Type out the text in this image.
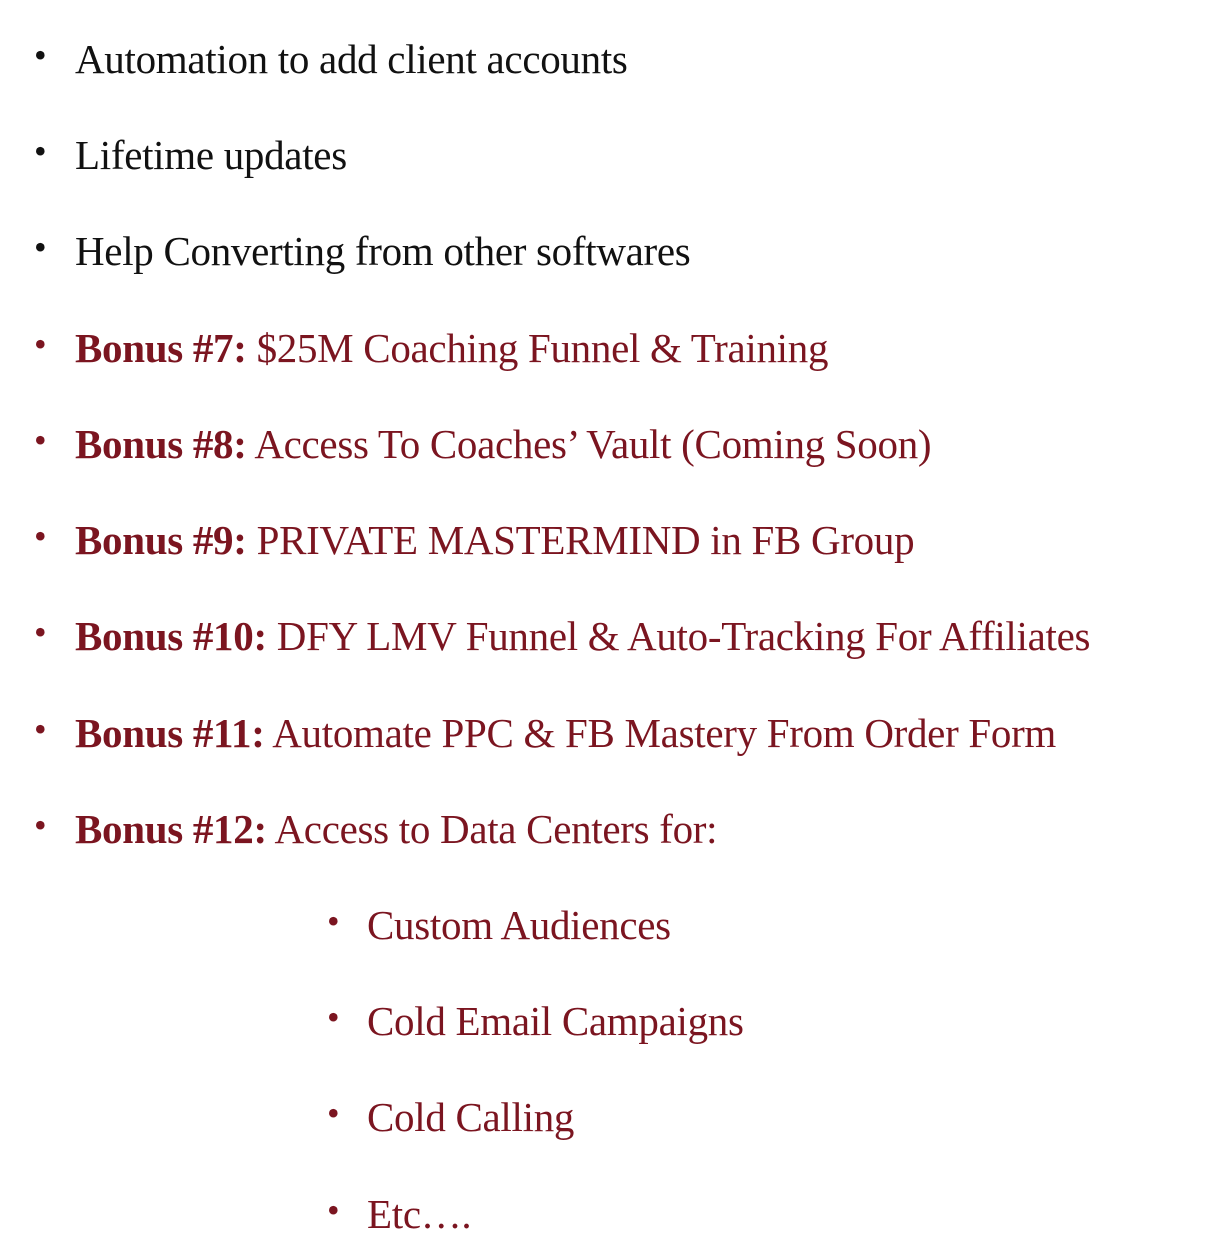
• Automation to add client accounts
• Lifetime updates
• Help Converting from other softwares
• Bonus #7: $25M Coaching Funnel & Training
• Bonus #8: Access To Coaches’ Vault (Coming Soon)
• Bonus #9: PRIVATE MASTERMIND in FB Group
• Bonus #10: DFY LMV Funnel & Auto-Tracking For Affiliates
• Bonus #11: Automate PPC & FB Mastery From Order Form
• Bonus #12: Access to Data Centers for:
• Custom Audiences
• Cold Email Campaigns
• Cold Calling
• Etc….
